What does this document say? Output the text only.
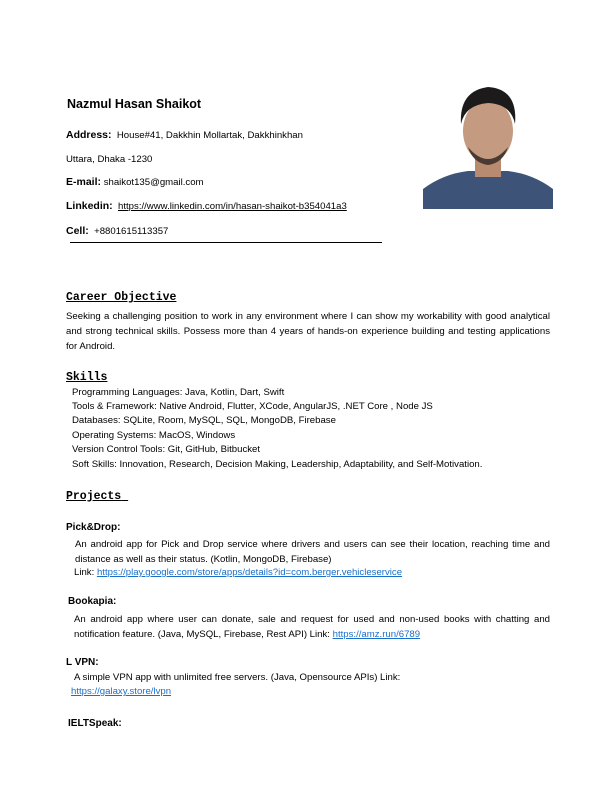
Nazmul Hasan Shaikot
Address: House#41, Dakkhin Mollartak, Dakkhinkhan
Uttara, Dhaka -1230
E-mail: shaikot135@gmail.com
Linkedin: https://www.linkedin.com/in/hasan-shaikot-b354041a3
Cell: +8801615113357
Career Objective
Seeking a challenging position to work in any environment where I can show my workability with good analytical and strong technical skills. Possess more than 4 years of hands-on experience building and testing applications for Android.
Skills
Programming Languages: Java, Kotlin, Dart, Swift
Tools & Framework: Native Android, Flutter, XCode, AngularJS, .NET Core , Node JS
Databases: SQLite, Room, MySQL, SQL, MongoDB, Firebase
Operating Systems: MacOS, Windows
Version Control Tools: Git, GitHub, Bitbucket
Soft Skills: Innovation, Research, Decision Making, Leadership, Adaptability, and Self-Motivation.
Projects
Pick&Drop:
An android app for Pick and Drop service where drivers and users can see their location, reaching time and distance as well as their status. (Kotlin, MongoDB, Firebase)
Link: https://play.google.com/store/apps/details?id=com.berger.vehicleservice
Bookapia:
An android app where user can donate, sale and request for used and non-used books with chatting and notification feature. (Java, MySQL, Firebase, Rest API) Link: https://amz.run/6789
L VPN:
A simple VPN app with unlimited free servers. (Java, Opensource APIs) Link:
https://galaxy.store/lvpn
IELTSpeak:
